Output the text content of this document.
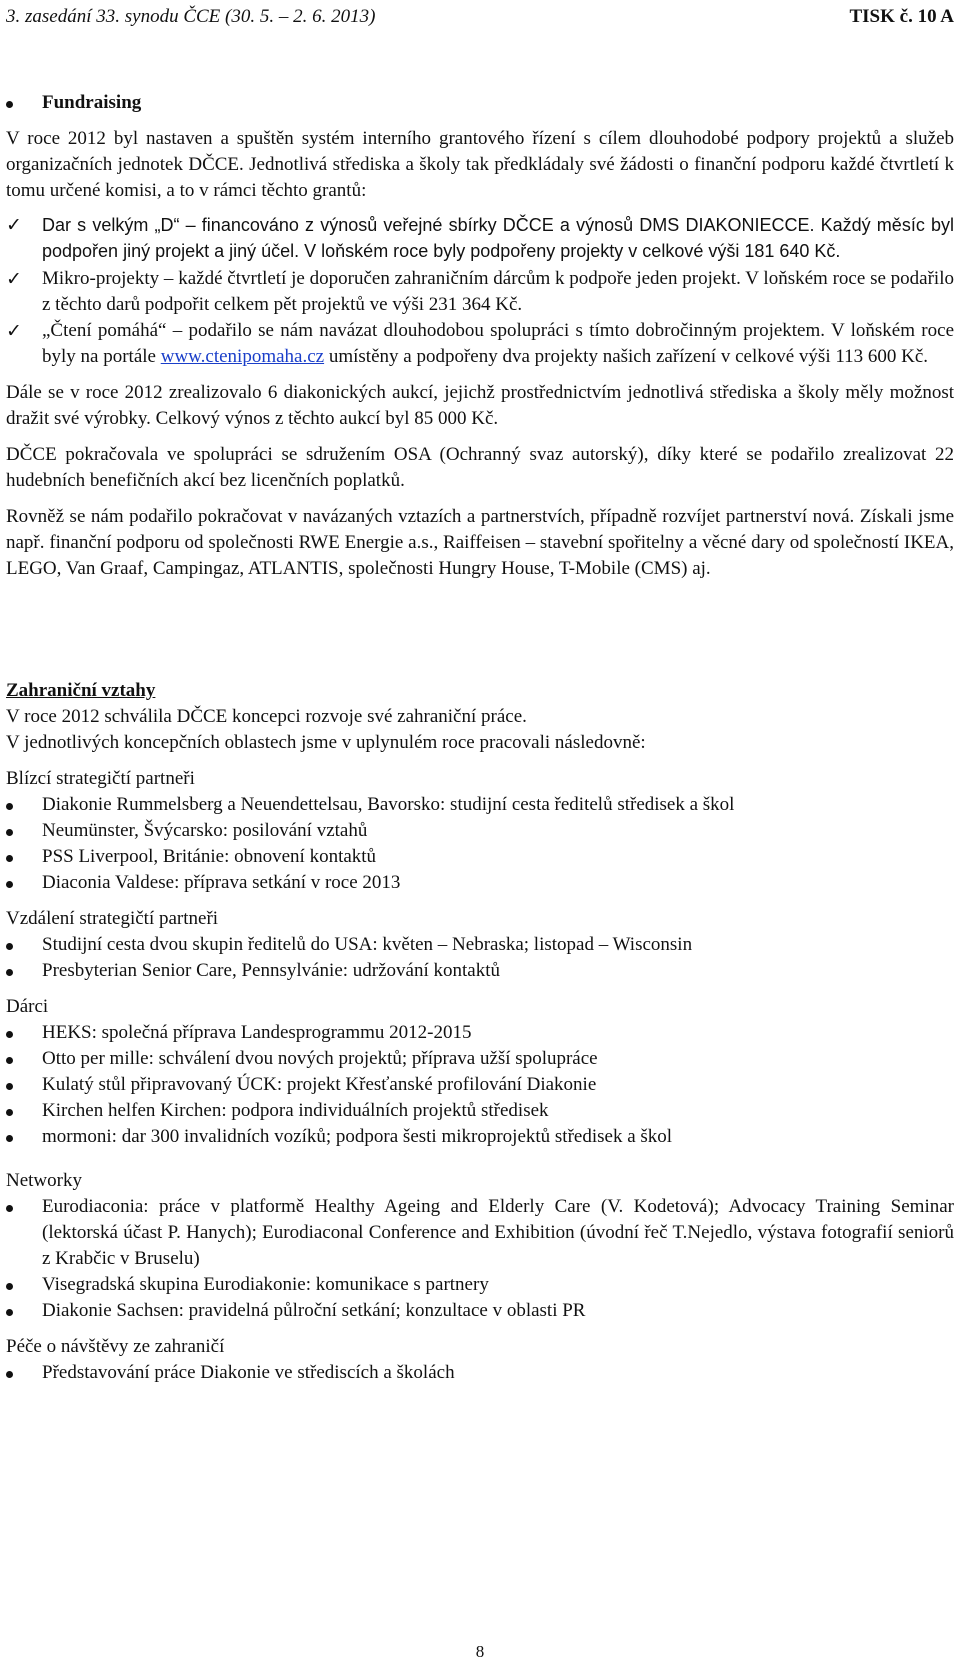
3. zasedání 33. synodu ČCE (30. 5. – 2. 6. 2013)	TISK č. 10 A
Fundraising

V roce 2012 byl nastaven a spuštěn systém interního grantového řízení s cílem dlouhodobé podpory projektů a služeb organizačních jednotek DČCE. Jednotlivá střediska a školy tak předkládaly své žádosti o finanční podporu každé čtvrtletí k tomu určené komisi, a to v rámci těchto grantů:

✓ Dar s velkým „D“ – financováno z výnosů veřejné sbírky DČCE a výnosů DMS DIAKONIECCE. Každý měsíc byl podpořen jiný projekt a jiný účel. V loňském roce byly podpořeny projekty v celkové výši 181 640 Kč.
✓ Mikro-projekty – každé čtvrtletí je doporučen zahraničním dárcům k podpoře jeden projekt. V loňském roce se podařilo z těchto darů podpořit celkem pět projektů ve výši 231 364 Kč.
✓ „Čtení pomáhá“ – podařilo se nám navázat dlouhodobou spolupráci s tímto dobročinným projektem. V loňském roce byly na portále www.ctenipomaha.cz umístěny a podpořeny dva projekty našich zařízení v celkové výši 113 600 Kč.

Dále se v roce 2012 zrealizovalo 6 diakonických aukcí, jejichž prostřednictvím jednotlivá střediska a školy měly možnost dražit své výrobky. Celkový výnos z těchto aukcí byl 85 000 Kč.

DČCE pokračovala ve spolupráci se sdružením OSA (Ochranný svaz autorský), díky které se podařilo zrealizovat 22 hudebních benefičních akcí bez licenčních poplatků.

Rovněž se nám podařilo pokračovat v navázaných vztazích a partnerstvích, případně rozvíjet partnerství nová. Získali jsme např. finanční podporu od společnosti RWE Energie a.s., Raiffeisen – stavební spořitelny a věcné dary od společností IKEA, LEGO, Van Graaf, Campingaz, ATLANTIS, společnosti Hungry House, T-Mobile (CMS) aj.

Zahraniční vztahy

V roce 2012 schválila DČCE koncepci rozvoje své zahraniční práce.

V jednotlivých koncepčních oblastech jsme v uplynulém roce pracovali následovně:

Blízcí strategičtí partneři

Diakonie Rummelsberg a Neuendettelsau, Bavorsko: studijní cesta ředitelů středisek a škol
Neumünster, Švýcarsko: posilování vztahů
PSS Liverpool, Británie: obnovení kontaktů
Diaconia Valdese: příprava setkání v roce 2013

Vzdálení strategičtí partneři

Studijní cesta dvou skupin ředitelů do USA: květen – Nebraska; listopad – Wisconsin
Presbyterian Senior Care, Pennsylvánie: udržování kontaktů

Dárci

HEKS: společná příprava Landesprogrammu 2012-2015
Otto per mille: schválení dvou nových projektů; příprava užší spolupráce
Kulatý stůl připravovaný ÚCK: projekt Křesťanské profilování Diakonie
Kirchen helfen Kirchen: podpora individuálních projektů středisek
mormoni: dar 300 invalidních vozíků; podpora šesti mikroprojektů středisek a škol

Networky

Eurodiaconia: práce v platformě Healthy Ageing and Elderly Care (V. Kodetová); Advocacy Training Seminar (lektorská účast P. Hanych); Eurodiaconal Conference and Exhibition (úvodní řeč T.Nejedlo, výstava fotografií seniorů z Krabčic v Bruselu)
Visegradská skupina Eurodiakonie: komunikace s partnery
Diakonie Sachsen: pravidelná půlroční setkání; konzultace v oblasti PR

Péče o návštěvy ze zahraničí

Představování práce Diakonie ve střediscích a školách
8
